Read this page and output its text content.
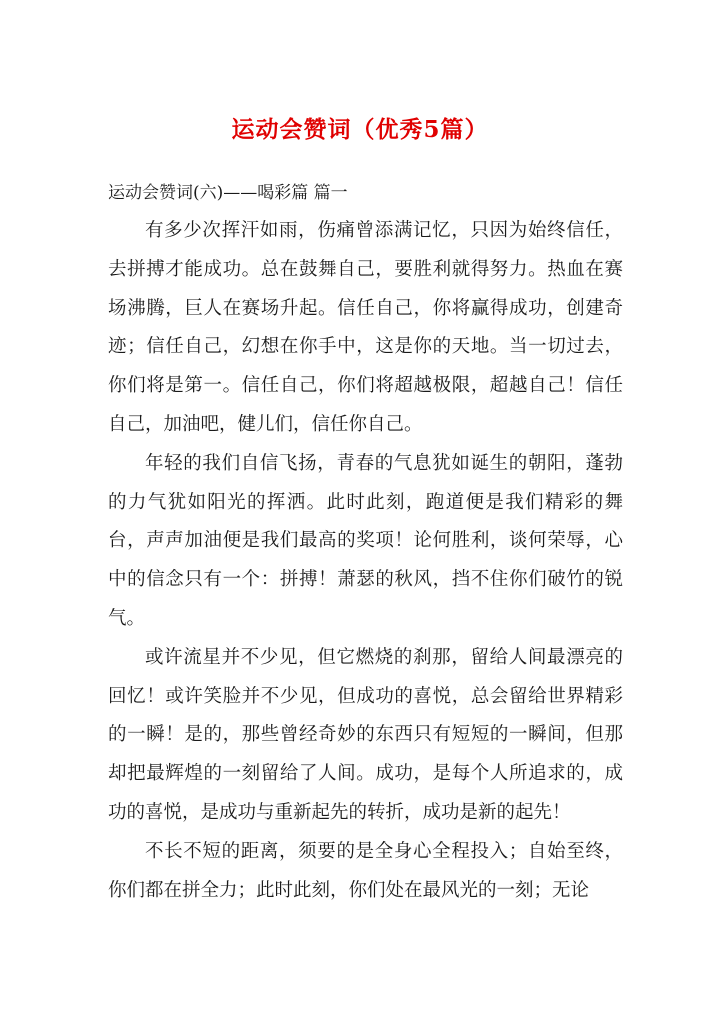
运动会赞词（优秀5篇）
运动会赞词(六)——喝彩篇 篇一

有多少次挥汗如雨，伤痛曾添满记忆，只因为始终信任，去拼搏才能成功。总在鼓舞自己，要胜利就得努力。热血在赛场沸腾，巨人在赛场升起。信任自己，你将赢得成功，创建奇迹；信任自己，幻想在你手中，这是你的天地。当一切过去，你们将是第一。信任自己，你们将超越极限，超越自己！信任自己，加油吧，健儿们，信任你自己。

年轻的我们自信飞扬，青春的气息犹如诞生的朝阳，蓬勃的力气犹如阳光的挥洒。此时此刻，跑道便是我们精彩的舞台，声声加油便是我们最高的奖项！论何胜利，谈何荣辱，心中的信念只有一个：拼搏！萧瑟的秋风，挡不住你们破竹的锐气。

或许流星并不少见，但它燃烧的刹那，留给人间最漂亮的回忆！或许笑脸并不少见，但成功的喜悦，总会留给世界精彩的一瞬！是的，那些曾经奇妙的东西只有短短的一瞬间，但那却把最辉煌的一刻留给了人间。成功，是每个人所追求的，成功的喜悦，是成功与重新起先的转折，成功是新的起先！

不长不短的距离，须要的是全身心全程投入；自始至终，你们都在拼全力；此时此刻，你们处在最风光的一刻；无论
